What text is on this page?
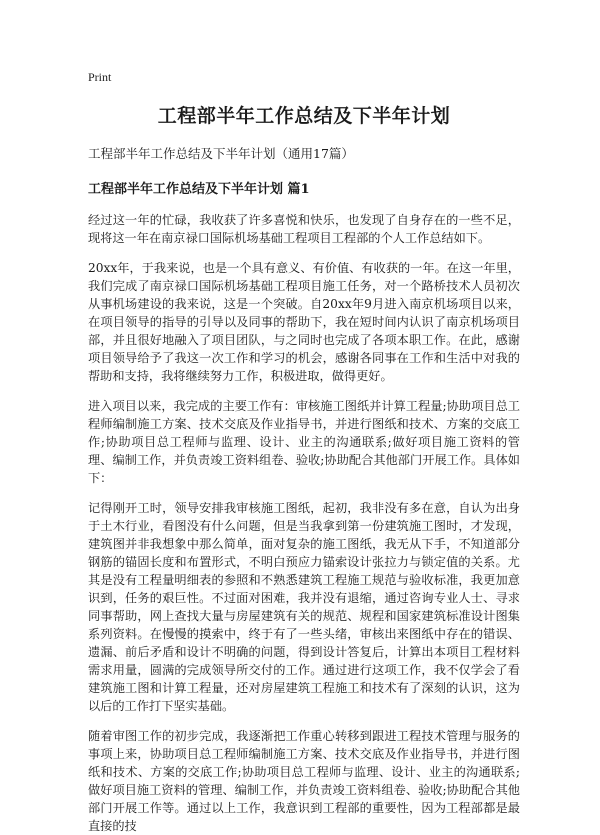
Print

工程部半年工作总结及下半年计划

工程部半年工作总结及下半年计划（通用17篇）

工程部半年工作总结及下半年计划 篇1

经过这一年的忙碌，我收获了许多喜悦和快乐，也发现了自身存在的一些不足，现将这一年在南京禄口国际机场基础工程项目工程部的个人工作总结如下。

20xx年，于我来说，也是一个具有意义、有价值、有收获的一年。在这一年里，我们完成了南京禄口国际机场基础工程项目施工任务，对一个路桥技术人员初次从事机场建设的我来说，这是一个突破。自20xx年9月进入南京机场项目以来，在项目领导的指导的引导以及同事的帮助下，我在短时间内认识了南京机场项目部，并且很好地融入了项目团队，与之同时也完成了各项本职工作。在此，感谢项目领导给予了我这一次工作和学习的机会，感谢各同事在工作和生活中对我的帮助和支持，我将继续努力工作，积极进取，做得更好。

进入项目以来，我完成的主要工作有：审核施工图纸并计算工程量;协助项目总工程师编制施工方案、技术交底及作业指导书，并进行图纸和技术、方案的交底工作;协助项目总工程师与监理、设计、业主的沟通联系;做好项目施工资料的管理、编制工作，并负责竣工资料组卷、验收;协助配合其他部门开展工作。具体如下：

记得刚开工时，领导安排我审核施工图纸，起初，我非没有多在意，自认为出身于土木行业，看图没有什么问题，但是当我拿到第一份建筑施工图时，才发现，建筑图并非我想象中那么简单，面对复杂的施工图纸，我无从下手，不知道部分钢筋的锚固长度和布置形式，不明白预应力锚索设计张拉力与锁定值的关系。尤其是没有工程量明细表的参照和不熟悉建筑工程施工规范与验收标准，我更加意识到，任务的艰巨性。不过面对困难，我并没有退缩，通过咨询专业人士、寻求同事帮助，网上查找大量与房屋建筑有关的规范、规程和国家建筑标准设计图集系列资料。在慢慢的摸索中，终于有了一些头绪，审核出来图纸中存在的错误、遗漏、前后矛盾和设计不明确的问题，得到设计答复后，计算出本项目工程材料需求用量，圆满的完成领导所交付的工作。通过进行这项工作，我不仅学会了看建筑施工图和计算工程量，还对房屋建筑工程施工和技术有了深刻的认识，这为以后的工作打下坚实基础。

随着审图工作的初步完成，我逐渐把工作重心转移到跟进工程技术管理与服务的事项上来，协助项目总工程师编制施工方案、技术交底及作业指导书，并进行图纸和技术、方案的交底工作;协助项目总工程师与监理、设计、业主的沟通联系;做好项目施工资料的管理、编制工作，并负责竣工资料组卷、验收;协助配合其他部门开展工作等。通过以上工作，我意识到工程部的重要性，因为工程部都是最直接的技
